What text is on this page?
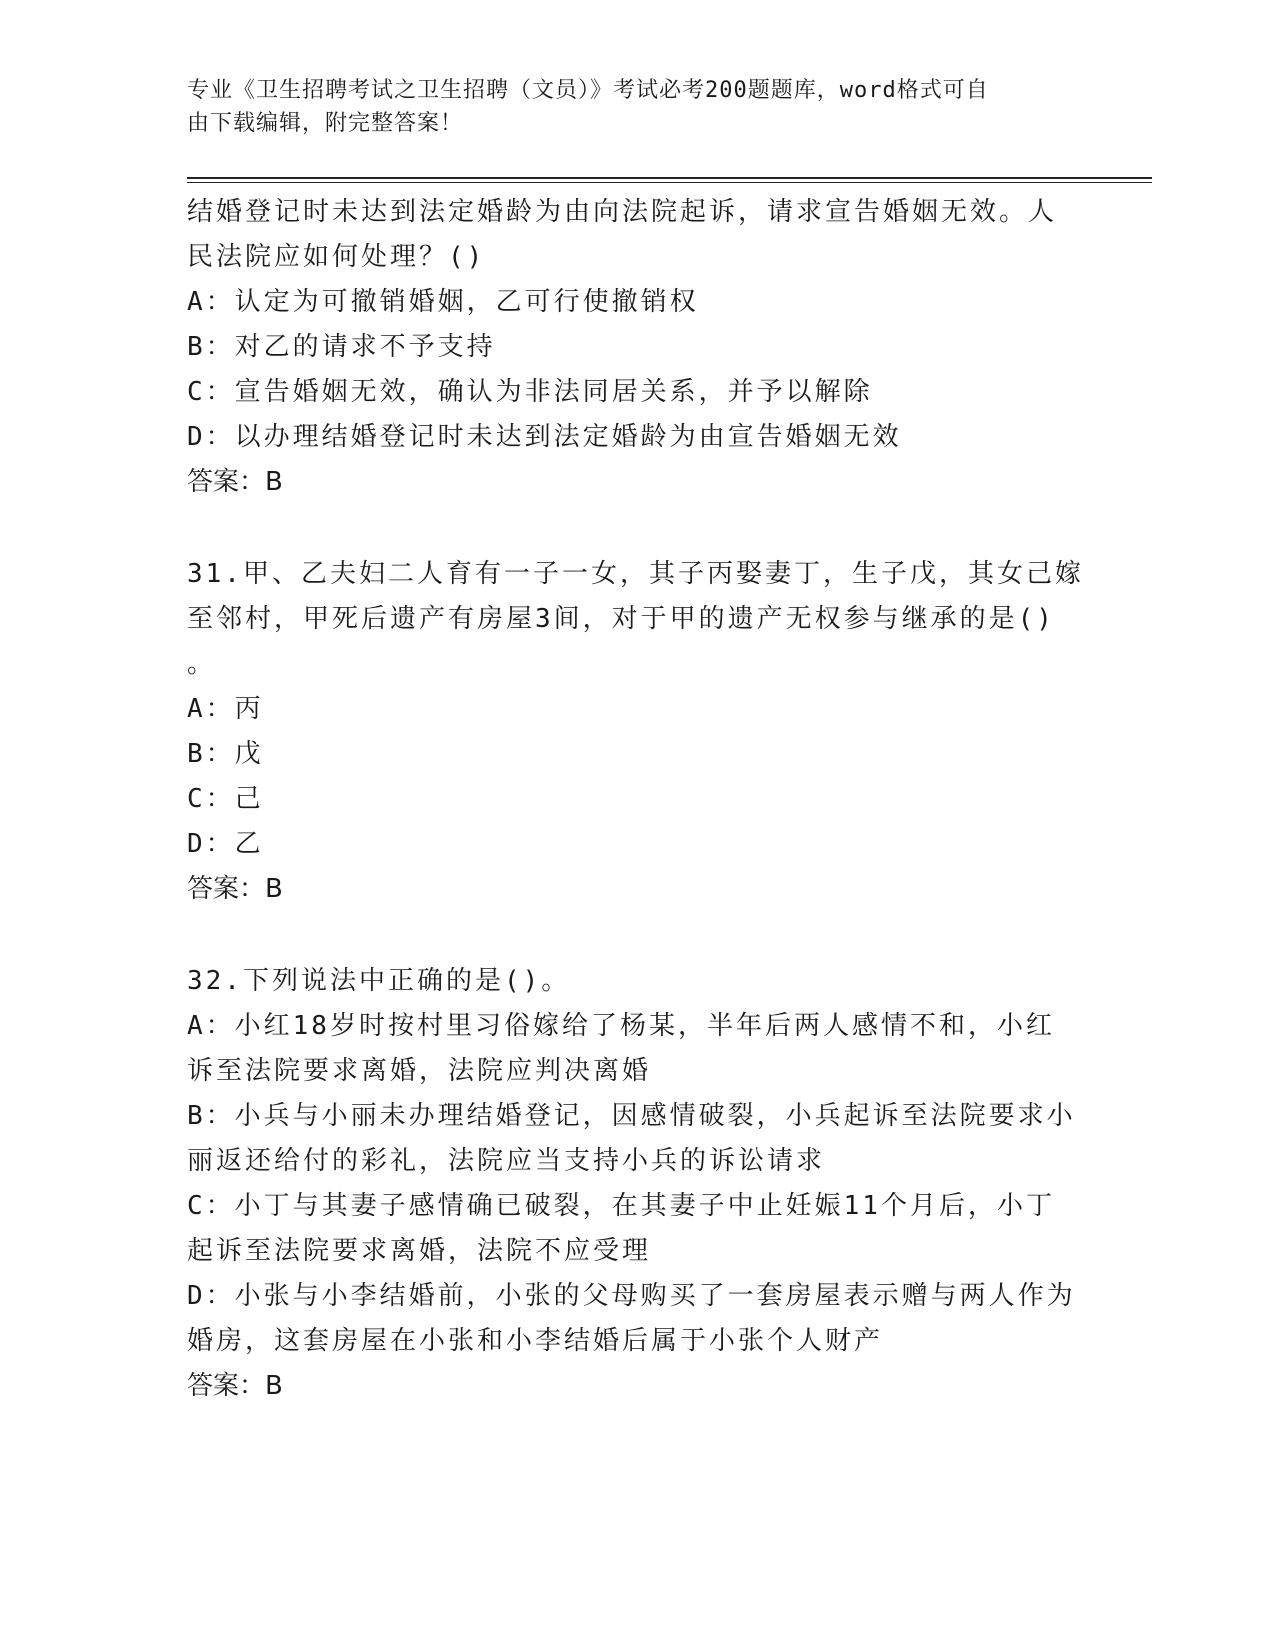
专业《卫生招聘考试之卫生招聘（文员）》考试必考200题题库，word格式可自
由下载编辑，附完整答案！
结婚登记时未达到法定婚龄为由向法院起诉，请求宣告婚姻无效。人
民法院应如何处理？()
A：认定为可撤销婚姻，乙可行使撤销权
B：对乙的请求不予支持
C：宣告婚姻无效，确认为非法同居关系，并予以解除
D：以办理结婚登记时未达到法定婚龄为由宣告婚姻无效
答案：B
31.甲、乙夫妇二人育有一子一女，其子丙娶妻丁，生子戊，其女己嫁
至邻村，甲死后遗产有房屋3间，对于甲的遗产无权参与继承的是()
。
A：丙
B：戊
C：己
D：乙
答案：B
32.下列说法中正确的是()。
A：小红18岁时按村里习俗嫁给了杨某，半年后两人感情不和，小红
诉至法院要求离婚，法院应判决离婚
B：小兵与小丽未办理结婚登记，因感情破裂，小兵起诉至法院要求小
丽返还给付的彩礼，法院应当支持小兵的诉讼请求
C：小丁与其妻子感情确已破裂，在其妻子中止妊娠11个月后，小丁
起诉至法院要求离婚，法院不应受理
D：小张与小李结婚前，小张的父母购买了一套房屋表示赠与两人作为
婚房，这套房屋在小张和小李结婚后属于小张个人财产
答案：B
